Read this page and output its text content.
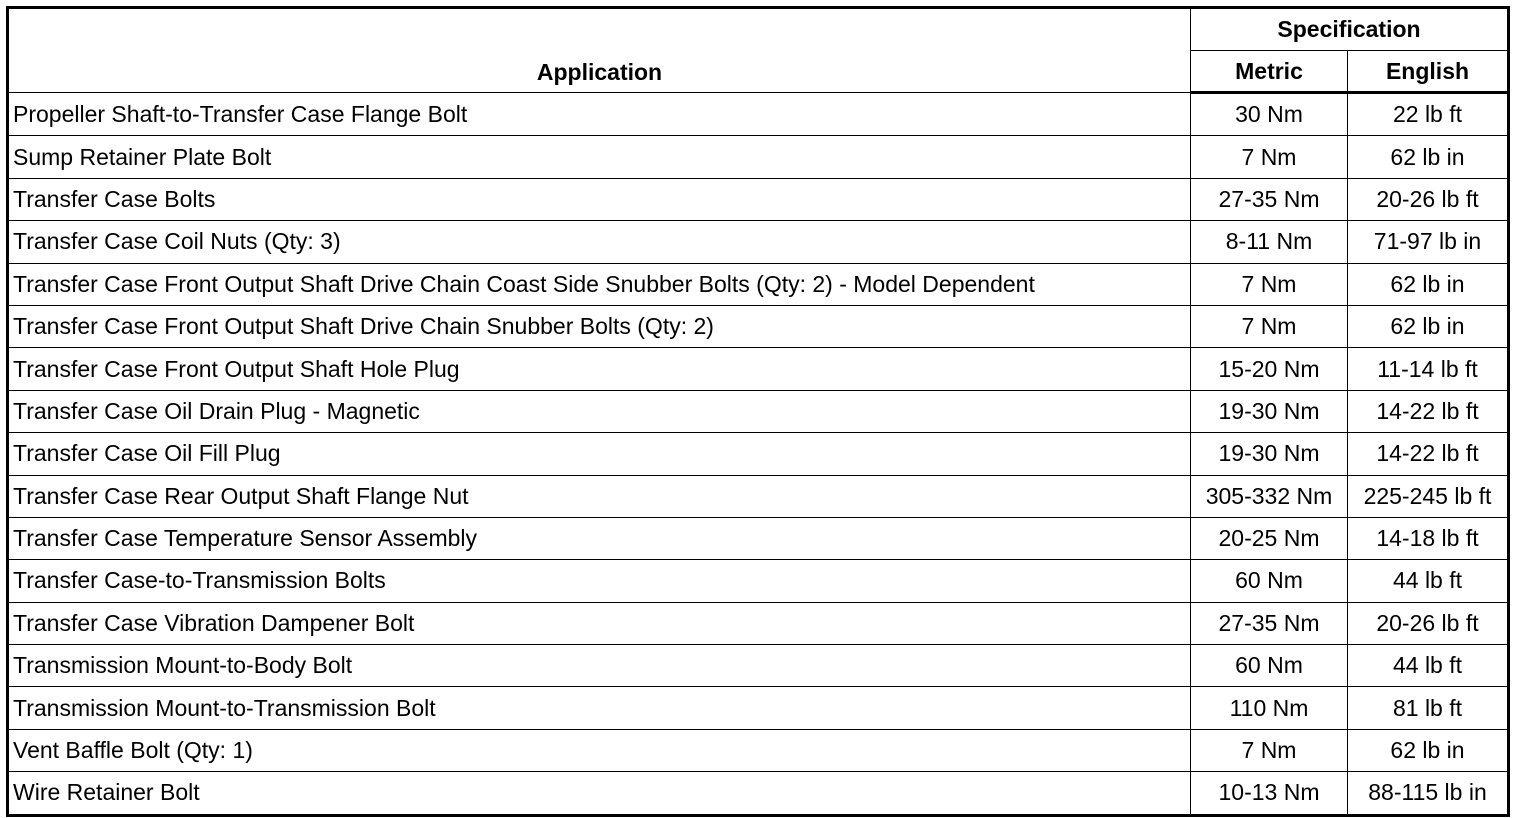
Application	Specification	
	Metric	English
Propeller Shaft-to-Transfer Case Flange Bolt	30 Nm	22 lb ft
Sump Retainer Plate Bolt	7 Nm	62 lb in
Transfer Case Bolts	27-35 Nm	20-26 lb ft
Transfer Case Coil Nuts (Qty: 3)	8-11 Nm	71-97 lb in
Transfer Case Front Output Shaft Drive Chain Coast Side Snubber Bolts (Qty: 2) - Model Dependent	7 Nm	62 lb in
Transfer Case Front Output Shaft Drive Chain Snubber Bolts (Qty: 2)	7 Nm	62 lb in
Transfer Case Front Output Shaft Hole Plug	15-20 Nm	11-14 lb ft
Transfer Case Oil Drain Plug - Magnetic	19-30 Nm	14-22 lb ft
Transfer Case Oil Fill Plug	19-30 Nm	14-22 lb ft
Transfer Case Rear Output Shaft Flange Nut	305-332 Nm	225-245 lb ft
Transfer Case Temperature Sensor Assembly	20-25 Nm	14-18 lb ft
Transfer Case-to-Transmission Bolts	60 Nm	44 lb ft
Transfer Case Vibration Dampener Bolt	27-35 Nm	20-26 lb ft
Transmission Mount-to-Body Bolt	60 Nm	44 lb ft
Transmission Mount-to-Transmission Bolt	110 Nm	81 lb ft
Vent Baffle Bolt (Qty: 1)	7 Nm	62 lb in
Wire Retainer Bolt	10-13 Nm	88-115 lb in
